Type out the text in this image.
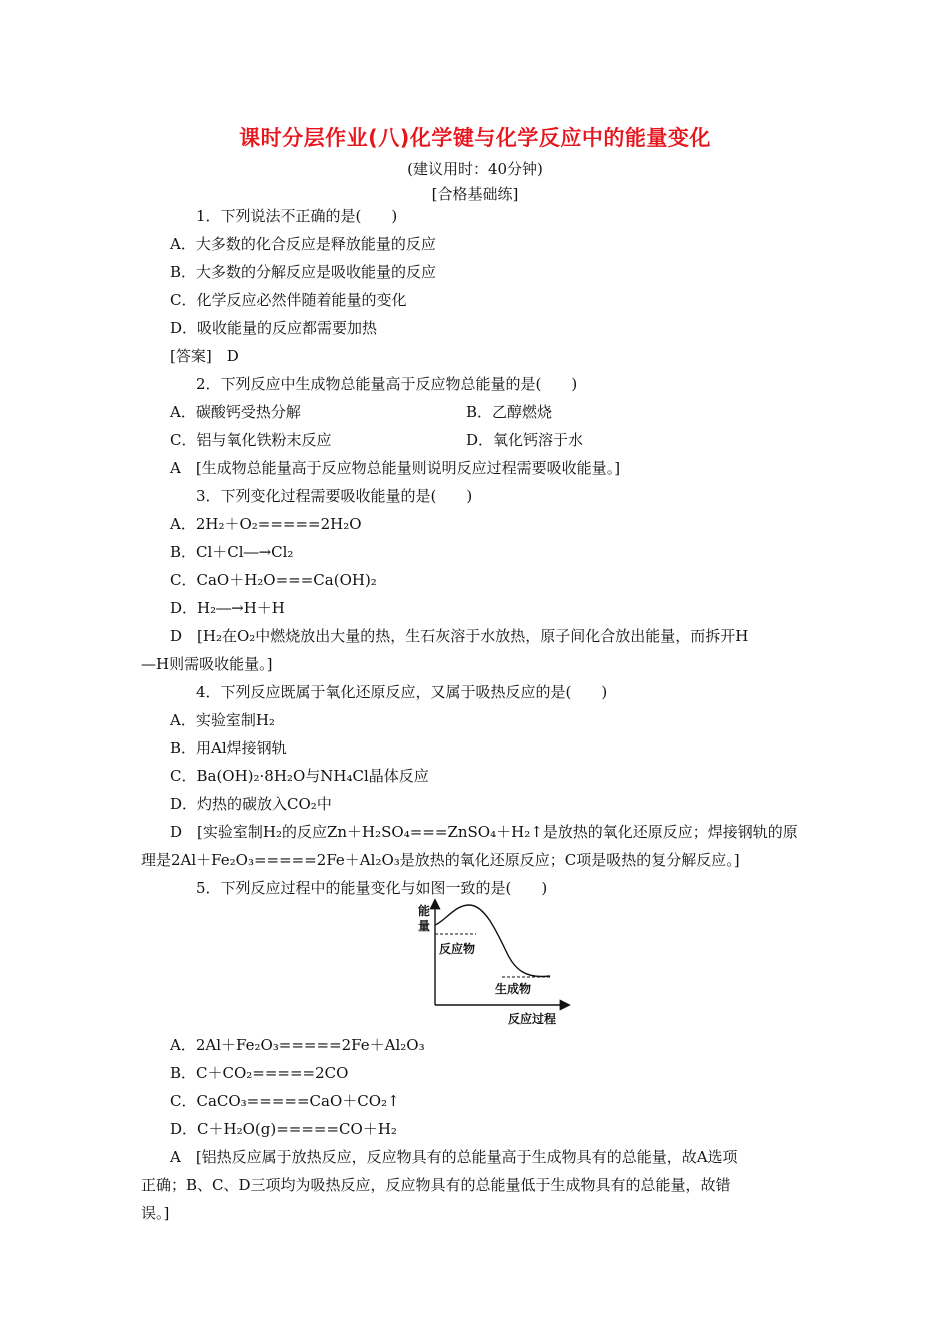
课时分层作业(八)化学键与化学反应中的能量变化
(建议用时：40分钟)
[合格基础练]
1．下列说法不正确的是(　　)
A．大多数的化合反应是释放能量的反应
B．大多数的分解反应是吸收能量的反应
C．化学反应必然伴随着能量的变化
D．吸收能量的反应都需要加热
[答案]　D
2．下列反应中生成物总能量高于反应物总能量的是(　　)
A．碳酸钙受热分解	B．乙醇燃烧
C．铝与氧化铁粉末反应	D．氧化钙溶于水
A　[生成物总能量高于反应物总能量则说明反应过程需要吸收能量。]
3．下列变化过程需要吸收能量的是(　　)
A．2H₂＋O₂=====2H₂O
B．Cl＋Cl―→Cl₂
C．CaO＋H₂O===Ca(OH)₂
D．H₂―→H＋H
D　[H₂在O₂中燃烧放出大量的热，生石灰溶于水放热，原子间化合放出能量，而拆开H
—H则需吸收能量。]
4．下列反应既属于氧化还原反应，又属于吸热反应的是(　　)
A．实验室制H₂
B．用Al焊接钢轨
C．Ba(OH)₂·8H₂O与NH₄Cl晶体反应
D．灼热的碳放入CO₂中
D　[实验室制H₂的反应Zn＋H₂SO₄===ZnSO₄＋H₂↑是放热的氧化还原反应；焊接钢轨的原
理是2Al＋Fe₂O₃=====2Fe＋Al₂O₃是放热的氧化还原反应；C项是吸热的复分解反应。]
5．下列反应过程中的能量变化与如图一致的是(　　)
能
量
反应物
生成物
反应过程
A．2Al＋Fe₂O₃=====2Fe＋Al₂O₃
B．C＋CO₂=====2CO
C．CaCO₃=====CaO＋CO₂↑
D．C＋H₂O(g)=====CO＋H₂
A　[铝热反应属于放热反应，反应物具有的总能量高于生成物具有的总能量，故A选项
正确；B、C、D三项均为吸热反应，反应物具有的总能量低于生成物具有的总能量，故错
误。]
